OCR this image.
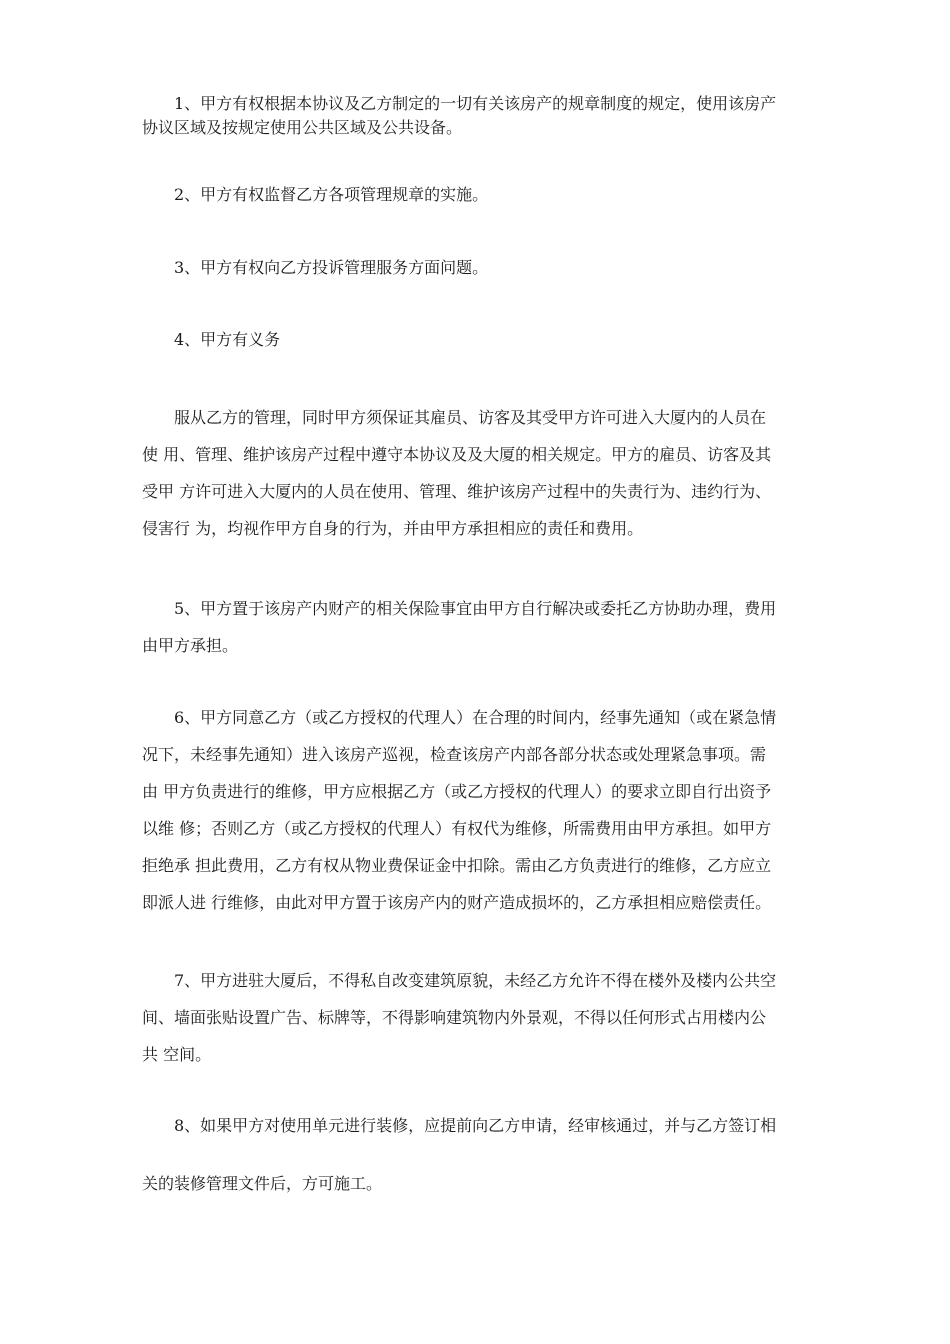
1、甲方有权根据本协议及乙方制定的一切有关该房产的规章制度的规定，使用该房产
协议区域及按规定使用公共区域及公共设备。

2、甲方有权监督乙方各项管理规章的实施。

3、甲方有权向乙方投诉管理服务方面问题。

4、甲方有义务

服从乙方的管理，同时甲方须保证其雇员、访客及其受甲方许可进入大厦内的人员在
使 用、管理、维护该房产过程中遵守本协议及及大厦的相关规定。甲方的雇员、访客及其
受甲 方许可进入大厦内的人员在使用、管理、维护该房产过程中的失责行为、违约行为、
侵害行 为，均视作甲方自身的行为，并由甲方承担相应的责任和费用。

5、甲方置于该房产内财产的相关保险事宜由甲方自行解决或委托乙方协助办理，费用
由甲方承担。

6、甲方同意乙方（或乙方授权的代理人）在合理的时间内，经事先通知（或在紧急情
况下，未经事先通知）进入该房产巡视，检查该房产内部各部分状态或处理紧急事项。需
由 甲方负责进行的维修，甲方应根据乙方（或乙方授权的代理人）的要求立即自行出资予
以维 修；否则乙方（或乙方授权的代理人）有权代为维修，所需费用由甲方承担。如甲方
拒绝承 担此费用，乙方有权从物业费保证金中扣除。需由乙方负责进行的维修，乙方应立
即派人进 行维修，由此对甲方置于该房产内的财产造成损坏的，乙方承担相应赔偿责任。

7、甲方进驻大厦后，不得私自改变建筑原貌，未经乙方允许不得在楼外及楼内公共空
间、墙面张贴设置广告、标牌等，不得影响建筑物内外景观，不得以任何形式占用楼内公
共 空间。

8、如果甲方对使用单元进行装修，应提前向乙方申请，经审核通过，并与乙方签订相

关的装修管理文件后，方可施工。
